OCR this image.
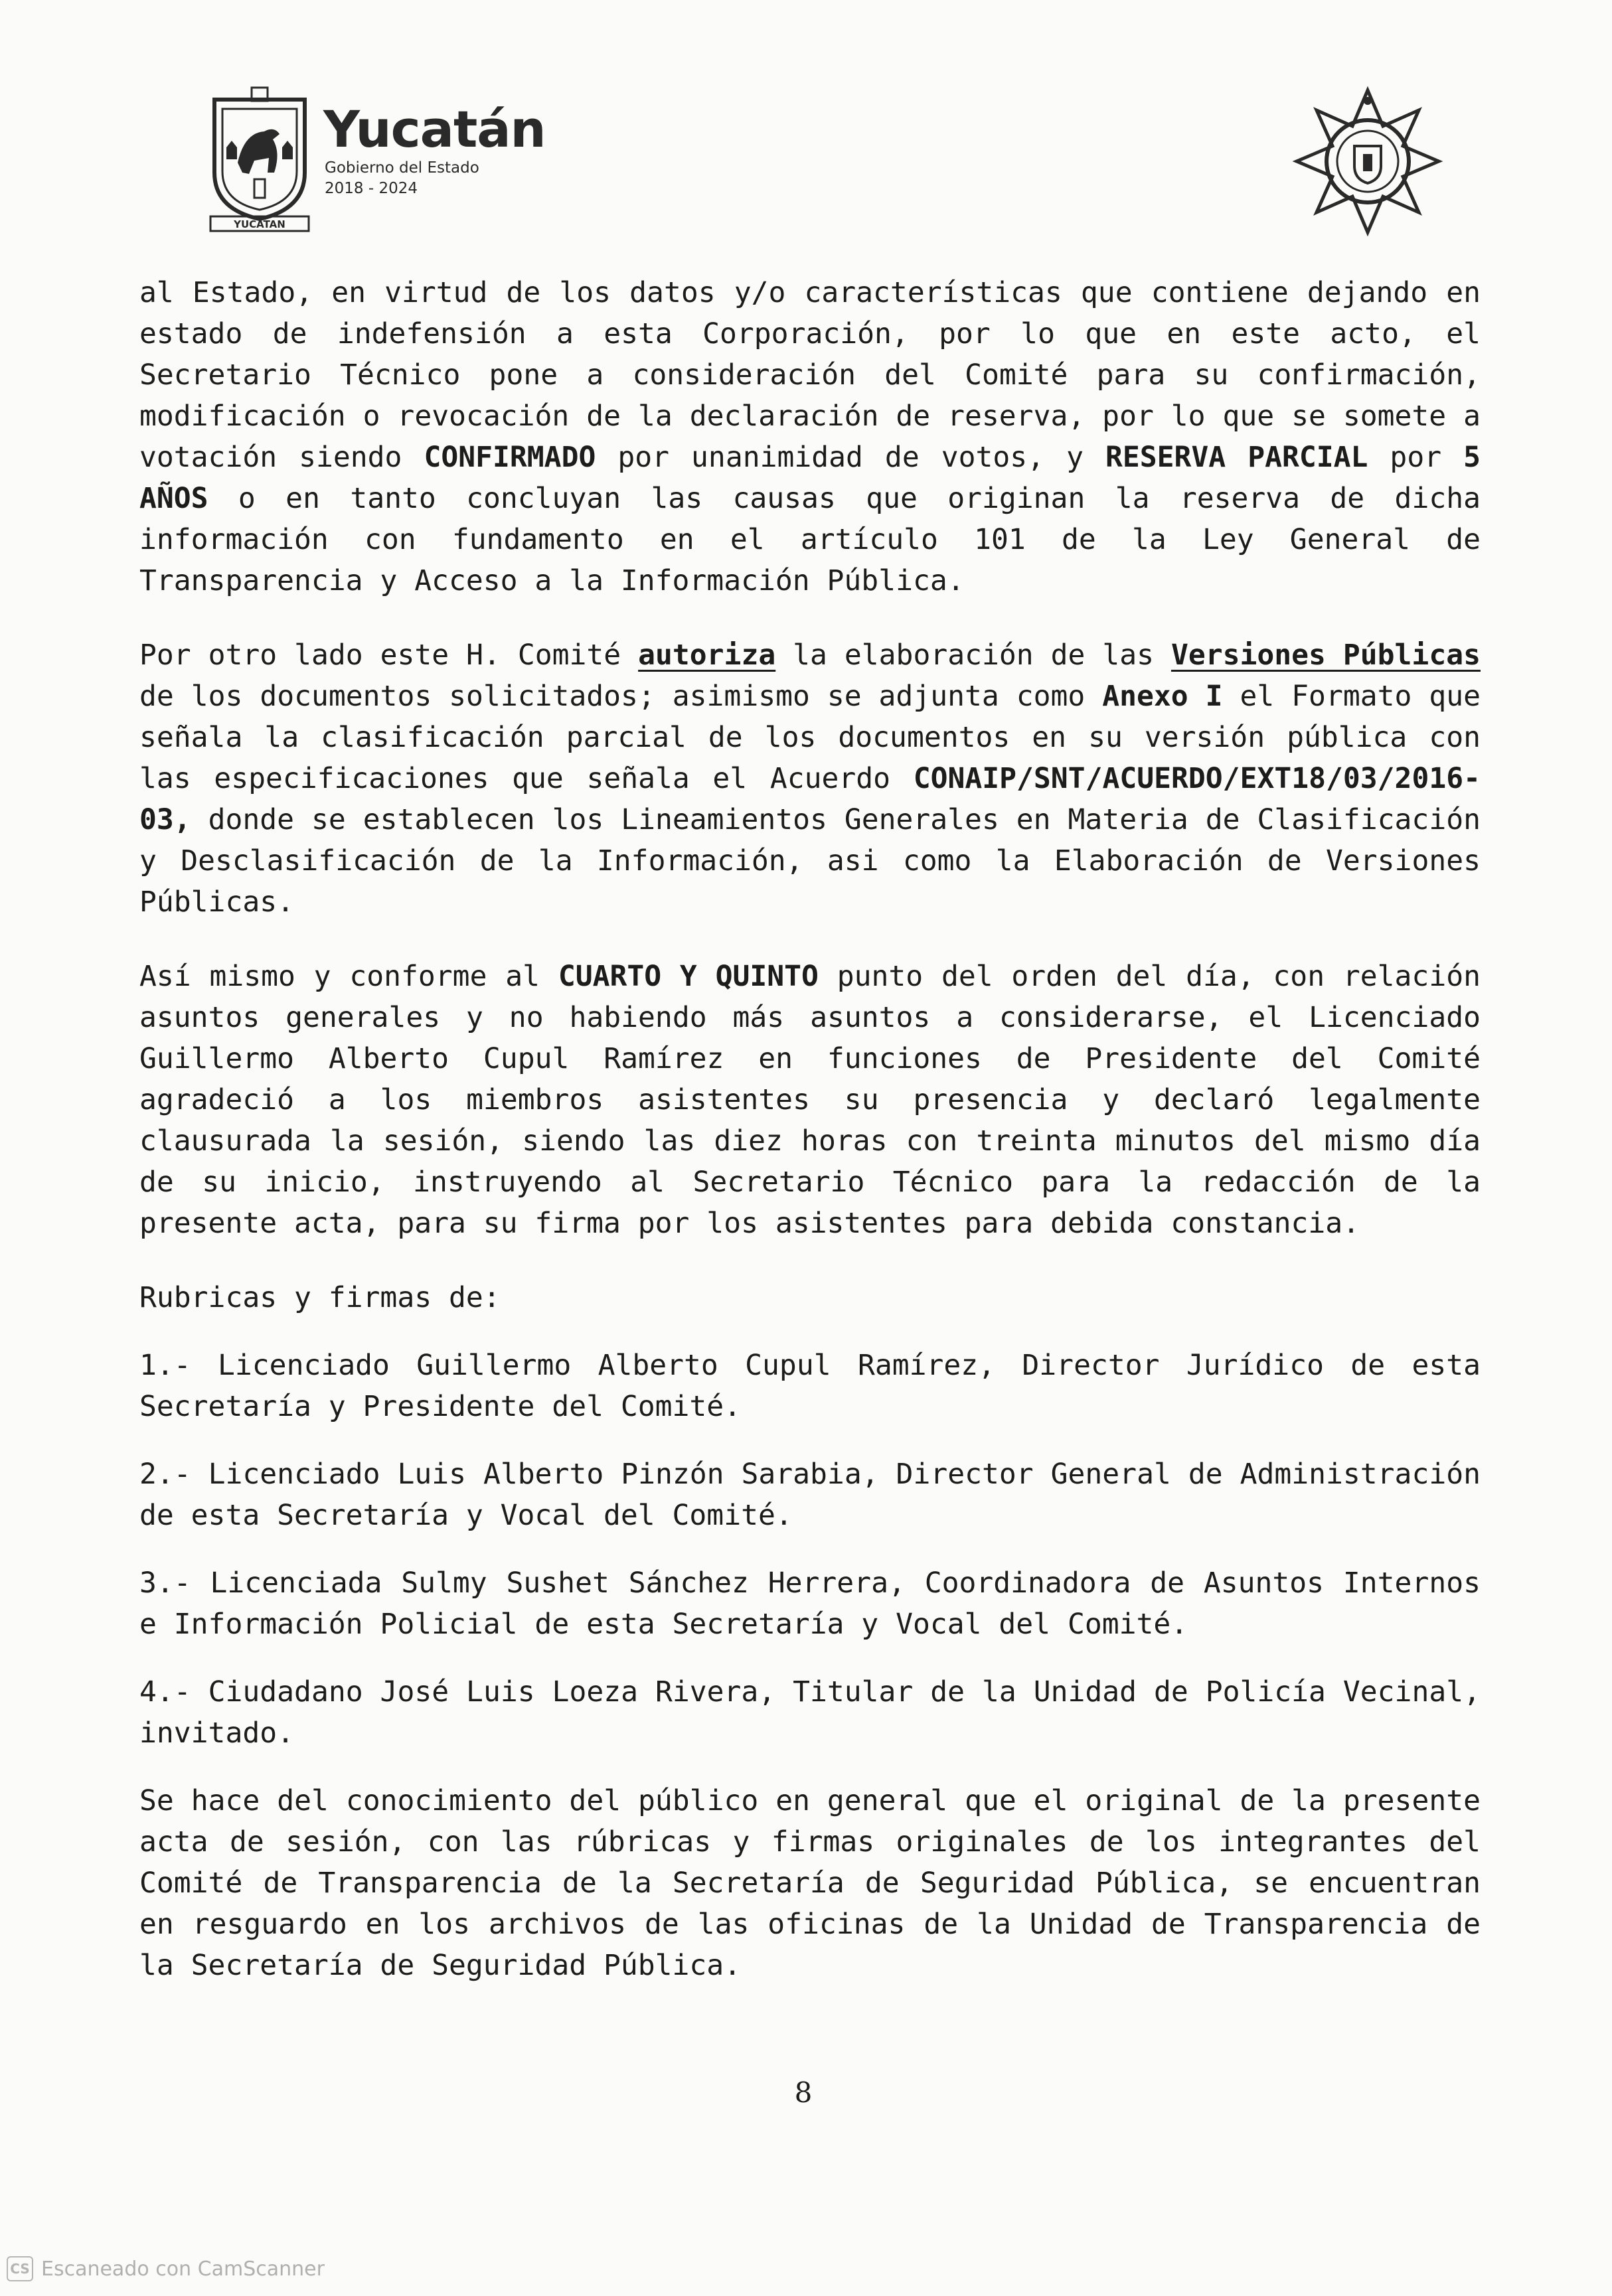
YUCATAN
Yucatán
Gobierno del Estado
2018 - 2024

al Estado, en virtud de los datos y/o características que contiene dejando en estado de indefensión a esta Corporación, por lo que en este acto, el Secretario Técnico pone a consideración del Comité para su confirmación, modificación o revocación de la declaración de reserva, por lo que se somete a votación siendo CONFIRMADO por unanimidad de votos, y RESERVA PARCIAL por 5 AÑOS o en tanto concluyan las causas que originan la reserva de dicha información con fundamento en el artículo 101 de la Ley General de Transparencia y Acceso a la Información Pública.

Por otro lado este H. Comité autoriza la elaboración de las Versiones Públicas de los documentos solicitados; asimismo se adjunta como Anexo I el Formato que señala la clasificación parcial de los documentos en su versión pública con las especificaciones que señala el Acuerdo CONAIP/SNT/ACUERDO/EXT18/03/2016-03, donde se establecen los Lineamientos Generales en Materia de Clasificación y Desclasificación de la Información, asi como la Elaboración de Versiones Públicas.

Así mismo y conforme al CUARTO Y QUINTO punto del orden del día, con relación asuntos generales y no habiendo más asuntos a considerarse, el Licenciado Guillermo Alberto Cupul Ramírez en funciones de Presidente del Comité agradeció a los miembros asistentes su presencia y declaró legalmente clausurada la sesión, siendo las diez horas con treinta minutos del mismo día de su inicio, instruyendo al Secretario Técnico para la redacción de la presente acta, para su firma por los asistentes para debida constancia.

Rubricas y firmas de:

1.- Licenciado Guillermo Alberto Cupul Ramírez, Director Jurídico de esta Secretaría y Presidente del Comité.

2.- Licenciado Luis Alberto Pinzón Sarabia, Director General de Administración de esta Secretaría y Vocal del Comité.

3.- Licenciada Sulmy Sushet Sánchez Herrera, Coordinadora de Asuntos Internos e Información Policial de esta Secretaría y Vocal del Comité.

4.- Ciudadano José Luis Loeza Rivera, Titular de la Unidad de Policía Vecinal, invitado.

Se hace del conocimiento del público en general que el original de la presente acta de sesión, con las rúbricas y firmas originales de los integrantes del Comité de Transparencia de la Secretaría de Seguridad Pública, se encuentran en resguardo en los archivos de las oficinas de la Unidad de Transparencia de la Secretaría de Seguridad Pública.

8
CS Escaneado con CamScanner
